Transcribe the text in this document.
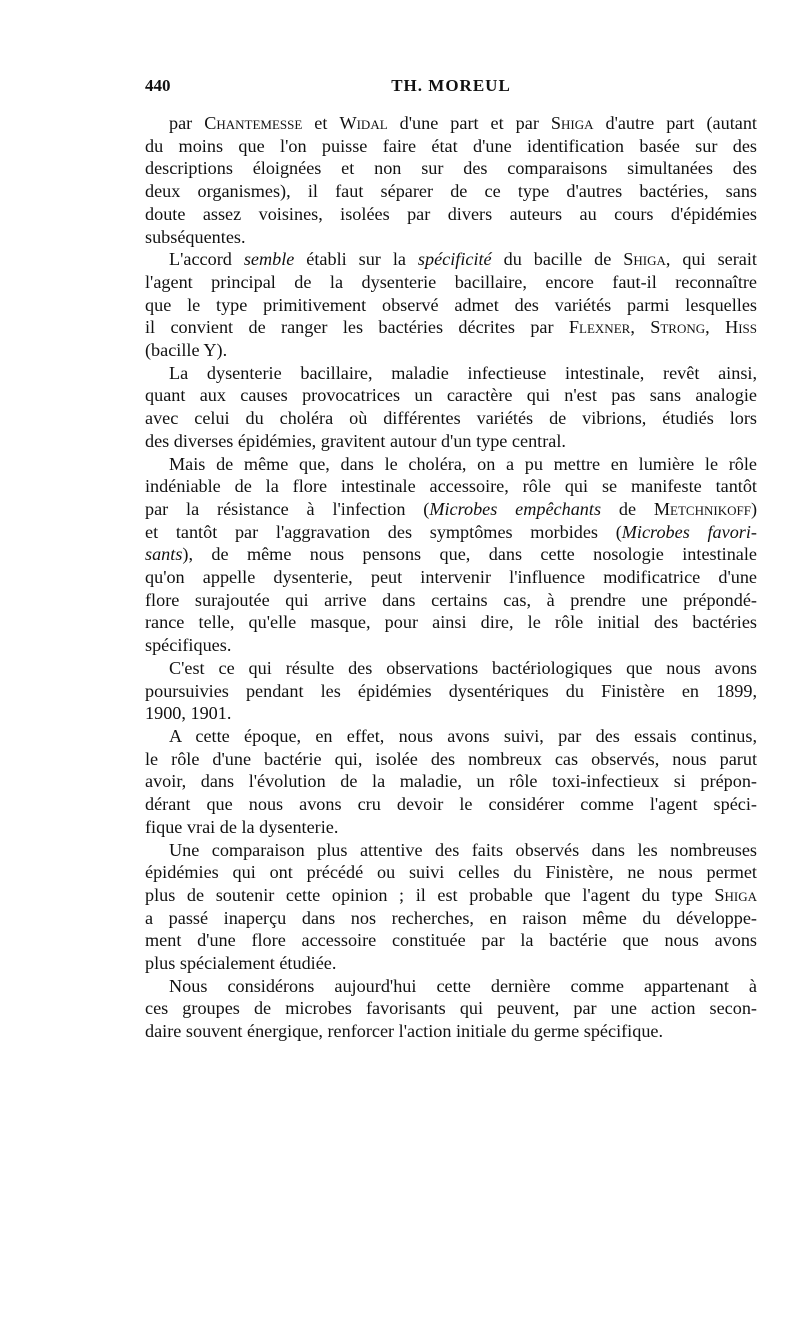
440	TH. MOREUL
par Chantemesse et Widal d'une part et par Shiga d'autre part (autant
du moins que l'on puisse faire état d'une identification basée sur des
descriptions éloignées et non sur des comparaisons simultanées des
deux organismes), il faut séparer de ce type d'autres bactéries, sans
doute assez voisines, isolées par divers auteurs au cours d'épidémies
subséquentes.
L'accord semble établi sur la spécificité du bacille de Shiga, qui serait
l'agent principal de la dysenterie bacillaire, encore faut-il reconnaître
que le type primitivement observé admet des variétés parmi lesquelles
il convient de ranger les bactéries décrites par Flexner, Strong, Hiss
(bacille Y).
La dysenterie bacillaire, maladie infectieuse intestinale, revêt ainsi,
quant aux causes provocatrices un caractère qui n'est pas sans analogie
avec celui du choléra où différentes variétés de vibrions, étudiés lors
des diverses épidémies, gravitent autour d'un type central.
Mais de même que, dans le choléra, on a pu mettre en lumière le rôle
indéniable de la flore intestinale accessoire, rôle qui se manifeste tantôt
par la résistance à l'infection (Microbes empêchants de Metchnikoff)
et tantôt par l'aggravation des symptômes morbides (Microbes favori-
sants), de même nous pensons que, dans cette nosologie intestinale
qu'on appelle dysenterie, peut intervenir l'influence modificatrice d'une
flore surajoutée qui arrive dans certains cas, à prendre une prépondé-
rance telle, qu'elle masque, pour ainsi dire, le rôle initial des bactéries
spécifiques.
C'est ce qui résulte des observations bactériologiques que nous avons
poursuivies pendant les épidémies dysentériques du Finistère en 1899,
1900, 1901.
A cette époque, en effet, nous avons suivi, par des essais continus,
le rôle d'une bactérie qui, isolée des nombreux cas observés, nous parut
avoir, dans l'évolution de la maladie, un rôle toxi-infectieux si prépon-
dérant que nous avons cru devoir le considérer comme l'agent spéci-
fique vrai de la dysenterie.
Une comparaison plus attentive des faits observés dans les nombreuses
épidémies qui ont précédé ou suivi celles du Finistère, ne nous permet
plus de soutenir cette opinion ; il est probable que l'agent du type Shiga
a passé inaperçu dans nos recherches, en raison même du développe-
ment d'une flore accessoire constituée par la bactérie que nous avons
plus spécialement étudiée.
Nous considérons aujourd'hui cette dernière comme appartenant à
ces groupes de microbes favorisants qui peuvent, par une action secon-
daire souvent énergique, renforcer l'action initiale du germe spécifique.
